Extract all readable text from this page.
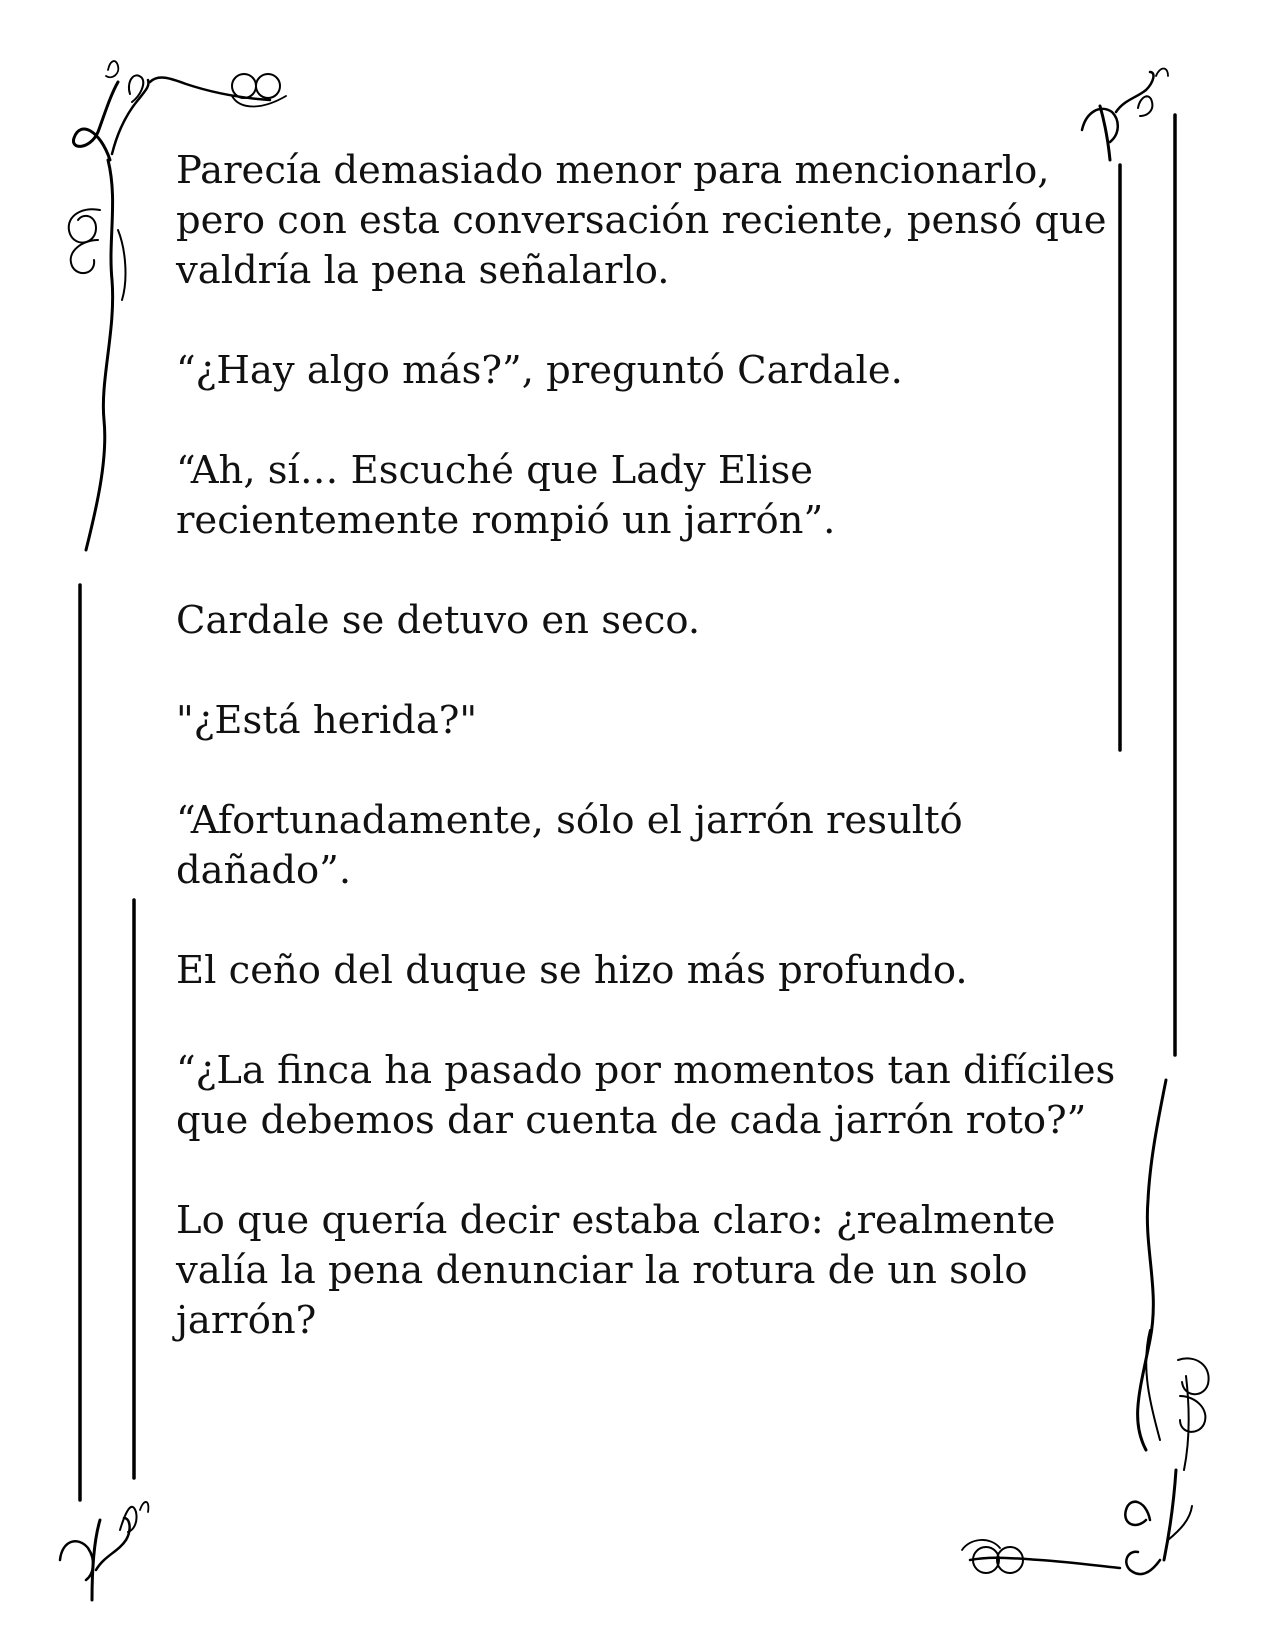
Parecía demasiado menor para mencionarlo,
pero con esta conversación reciente, pensó que
valdría la pena señalarlo.

“¿Hay algo más?”, preguntó Cardale.

“Ah, sí… Escuché que Lady Elise
recientemente rompió un jarrón”.

Cardale se detuvo en seco.

"¿Está herida?"

“Afortunadamente, sólo el jarrón resultó
dañado”.

El ceño del duque se hizo más profundo.

“¿La finca ha pasado por momentos tan difíciles
que debemos dar cuenta de cada jarrón roto?”

Lo que quería decir estaba claro: ¿realmente
valía la pena denunciar la rotura de un solo
jarrón?
